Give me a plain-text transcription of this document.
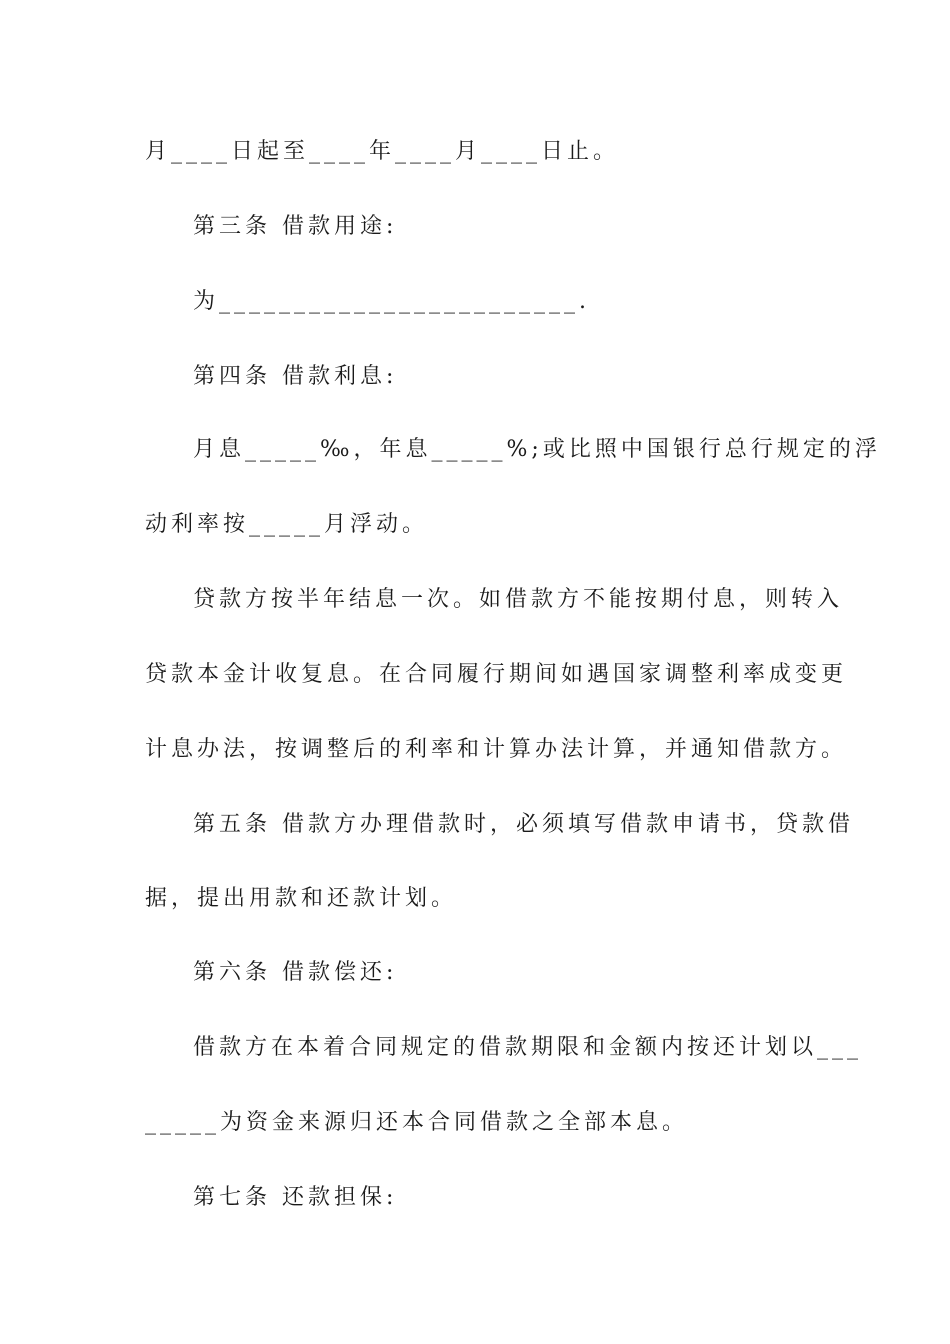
月____日起至____年____月____日止。
第三条 借款用途:
为________________________.
第四条 借款利息:
月息_____‰，年息_____%;或比照中国银行总行规定的浮
动利率按_____月浮动。
贷款方按半年结息一次。如借款方不能按期付息，则转入
贷款本金计收复息。在合同履行期间如遇国家调整利率成变更
计息办法，按调整后的利率和计算办法计算，并通知借款方。
第五条 借款方办理借款时，必须填写借款申请书，贷款借
据，提出用款和还款计划。
第六条 借款偿还:
借款方在本着合同规定的借款期限和金额内按还计划以___
_____为资金来源归还本合同借款之全部本息。
第七条 还款担保:
